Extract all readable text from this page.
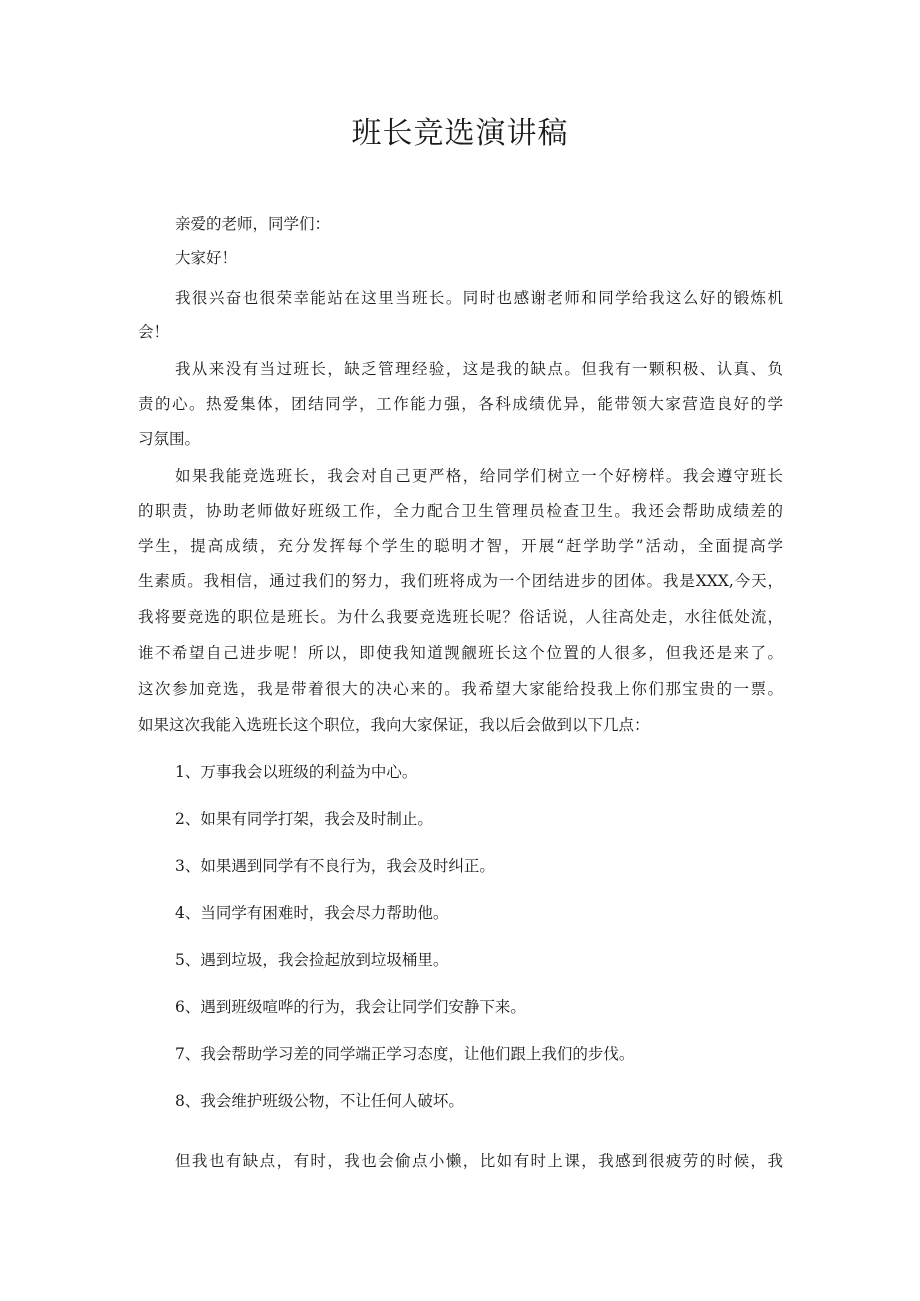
班长竞选演讲稿
亲爱的老师，同学们：
大家好！
我很兴奋也很荣幸能站在这里当班长。同时也感谢老师和同学给我这么好的锻炼机
会！
我从来没有当过班长，缺乏管理经验，这是我的缺点。但我有一颗积极、认真、负
责的心。热爱集体，团结同学，工作能力强，各科成绩优异，能带领大家营造良好的学
习氛围。
如果我能竞选班长，我会对自己更严格，给同学们树立一个好榜样。我会遵守班长
的职责，协助老师做好班级工作，全力配合卫生管理员检查卫生。我还会帮助成绩差的
学生，提高成绩，充分发挥每个学生的聪明才智，开展“赶学助学”活动，全面提高学
生素质。我相信，通过我们的努力，我们班将成为一个团结进步的团体。我是XXX,今天，
我将要竞选的职位是班长。为什么我要竞选班长呢？俗话说，人往高处走，水往低处流，
谁不希望自己进步呢！所以，即使我知道觊觎班长这个位置的人很多，但我还是来了。
这次参加竞选，我是带着很大的决心来的。我希望大家能给投我上你们那宝贵的一票。
如果这次我能入选班长这个职位，我向大家保证，我以后会做到以下几点：
1、万事我会以班级的利益为中心。
2、如果有同学打架，我会及时制止。
3、如果遇到同学有不良行为，我会及时纠正。
4、当同学有困难时，我会尽力帮助他。
5、遇到垃圾，我会捡起放到垃圾桶里。
6、遇到班级喧哗的行为，我会让同学们安静下来。
7、我会帮助学习差的同学端正学习态度，让他们跟上我们的步伐。
8、我会维护班级公物，不让任何人破坏。
但我也有缺点，有时，我也会偷点小懒，比如有时上课，我感到很疲劳的时候，我
